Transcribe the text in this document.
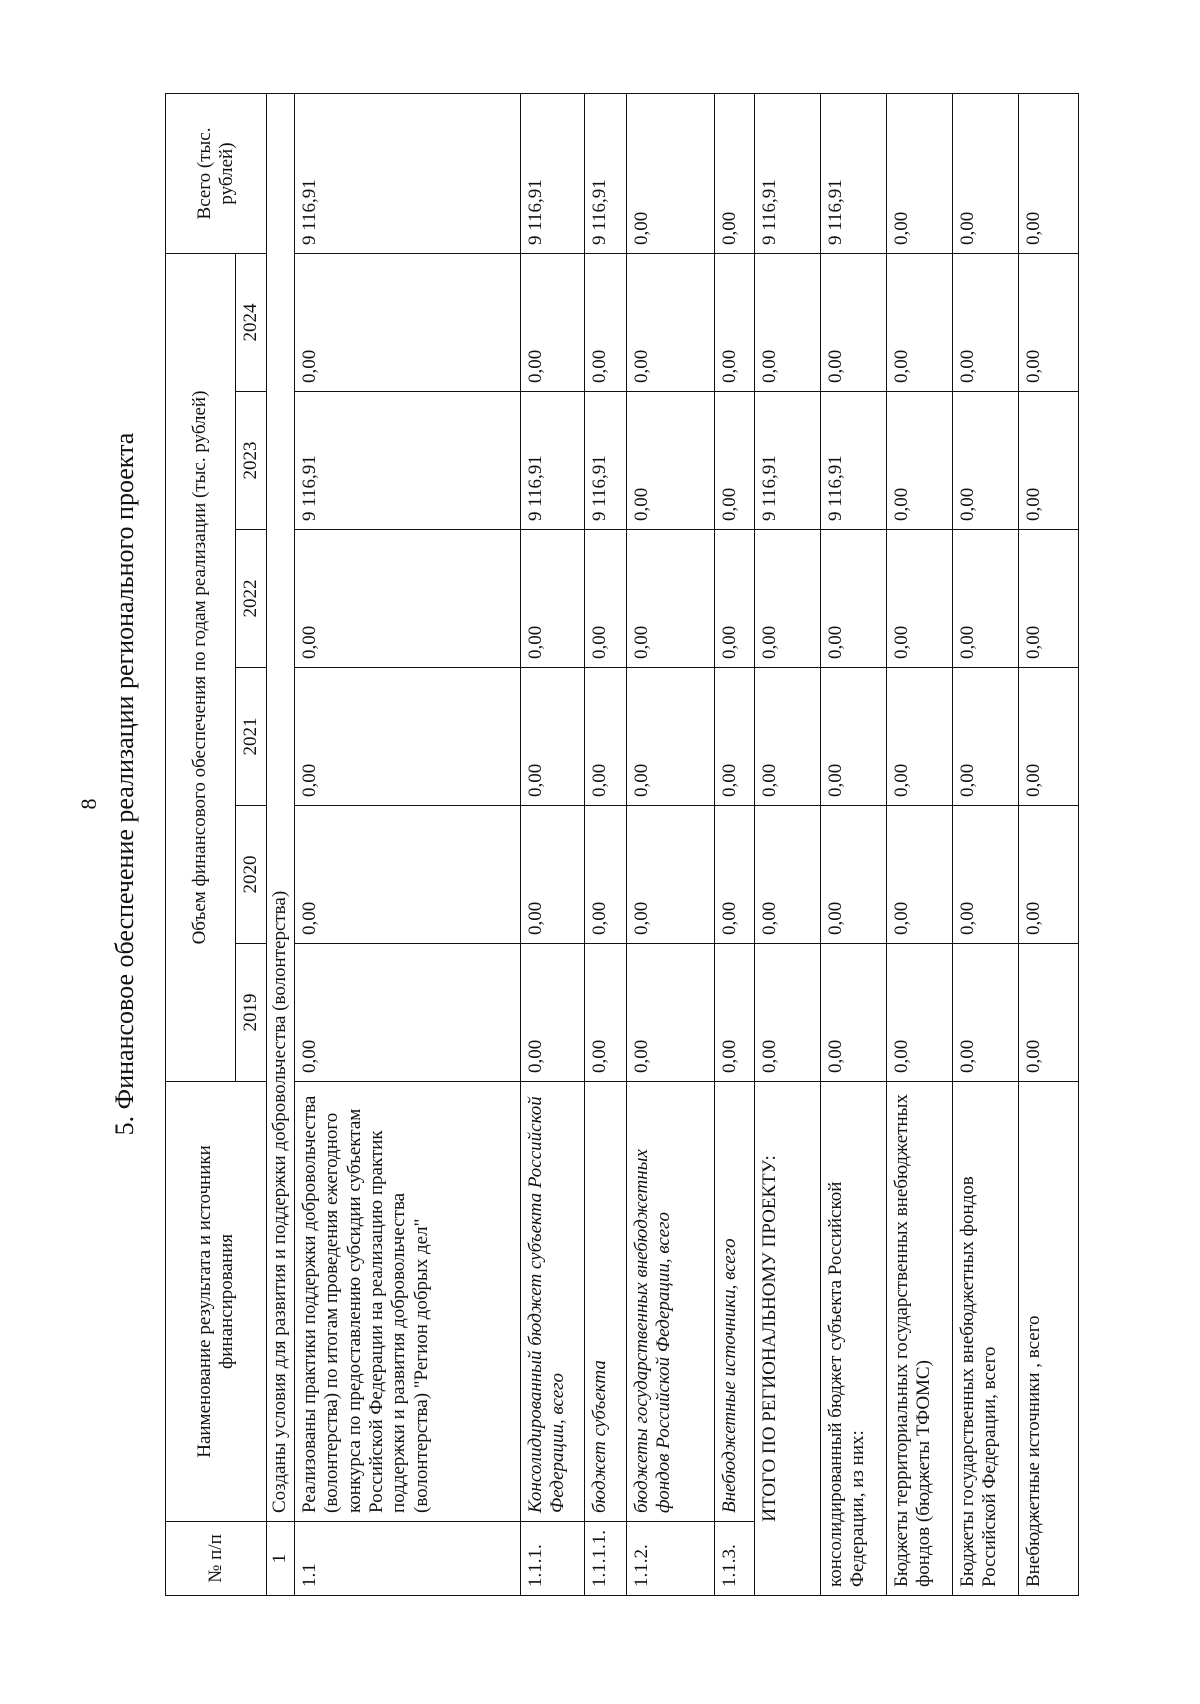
8 5. Финансовое обеспечение реализации регионального проекта
№ п/п	Наименование результата и источники финансирования	Объем финансового обеспечения по годам реализации (тыс. рублей)						Всего (тыс. рублей)
		2019	2020	2021	2022	2023	2024	
1	Созданы условия для развития и поддержки добровольчества (волонтерства)							
1.1	Реализованы практики поддержки добровольчества (волонтерства) по итогам проведения ежегодного конкурса по предоставлению субсидии субъектам Российской Федерации на реализацию практик поддержки и развития добровольчества (волонтерства) "Регион добрых дел"	0,00	0,00	0,00	0,00	9 116,91	0,00	9 116,91
1.1.1.	Консолидированный бюджет субъекта Российской Федерации, всего	0,00	0,00	0,00	0,00	9 116,91	0,00	9 116,91
1.1.1.1.	бюджет субъекта	0,00	0,00	0,00	0,00	9 116,91	0,00	9 116,91
1.1.2.	бюджеты государственных внебюджетных фондов Российской Федерации, всего	0,00	0,00	0,00	0,00	0,00	0,00	0,00
1.1.3.	Внебюджетные источники, всего	0,00	0,00	0,00	0,00	0,00	0,00	0,00
ИТОГО ПО РЕГИОНАЛЬНОМУ ПРОЕКТУ:		0,00	0,00	0,00	0,00	9 116,91	0,00	9 116,91
консолидированный бюджет субъекта Российской Федерации, из них:		0,00	0,00	0,00	0,00	9 116,91	0,00	9 116,91
Бюджеты территориальных государственных внебюджетных фондов (бюджеты ТФОМС)		0,00	0,00	0,00	0,00	0,00	0,00	0,00
Бюджеты государственных внебюджетных фондов Российской Федерации, всего		0,00	0,00	0,00	0,00	0,00	0,00	0,00
Внебюджетные источники , всего		0,00	0,00	0,00	0,00	0,00	0,00	0,00
